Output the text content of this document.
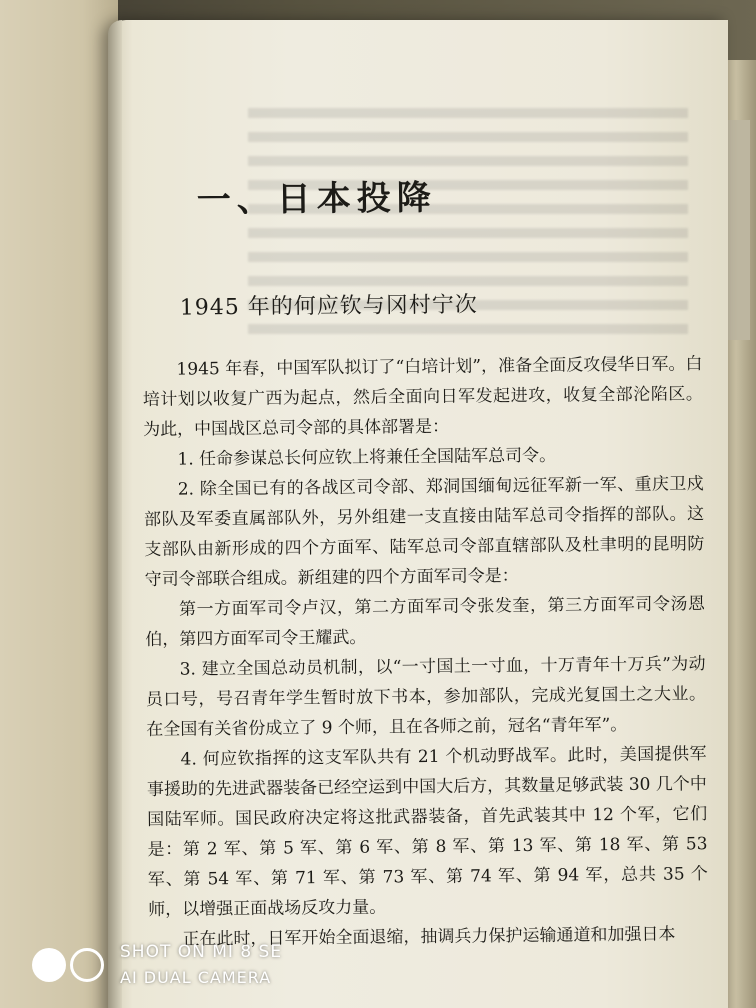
一、日本投降
1945 年的何应钦与冈村宁次

1945 年春，中国军队拟订了“白培计划”，准备全面反攻侵华日军。白培计划以收复广西为起点，然后全面向日军发起进攻，收复全部沦陷区。为此，中国战区总司令部的具体部署是：

1. 任命参谋总长何应钦上将兼任全国陆军总司令。

2. 除全国已有的各战区司令部、郑洞国缅甸远征军新一军、重庆卫戍部队及军委直属部队外，另外组建一支直接由陆军总司令指挥的部队。这支部队由新形成的四个方面军、陆军总司令部直辖部队及杜聿明的昆明防守司令部联合组成。新组建的四个方面军司令是：

第一方面军司令卢汉，第二方面军司令张发奎，第三方面军司令汤恩伯，第四方面军司令王耀武。

3. 建立全国总动员机制，以“一寸国土一寸血，十万青年十万兵”为动员口号，号召青年学生暂时放下书本，参加部队，完成光复国土之大业。在全国有关省份成立了 9 个师，且在各师之前，冠名“青年军”。

4. 何应钦指挥的这支军队共有 21 个机动野战军。此时，美国提供军事援助的先进武器装备已经空运到中国大后方，其数量足够武装 30 几个中国陆军师。国民政府决定将这批武器装备，首先武装其中 12 个军，它们是：第 2 军、第 5 军、第 6 军、第 8 军、第 13 军、第 18 军、第 53 军、第 54 军、第 71 军、第 73 军、第 74 军、第 94 军，总共 35 个师，以增强正面战场反攻力量。

正在此时，日军开始全面退缩，抽调兵力保护运输通道和加强日本

SHOT ON MI 8 SE
AI DUAL CAMERA
